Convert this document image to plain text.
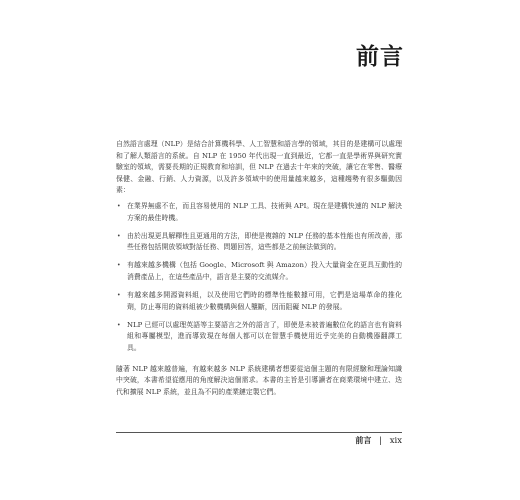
前言

自然語言處理（NLP）是結合計算機科學、人工智慧和語言學的領域，其目的是建構可以處理和了解人類語言的系統。自 NLP 在 1950 年代出現一直到最近，它都一直是學術界與研究實驗室的領域，需要長期的正規教育和培訓，但 NLP 在過去十年來的突破，讓它在零售、醫療保健、金融、行銷、人力資源，以及許多領域中的使用量越來越多，這種趨勢有很多驅動因素：

• 在業界無處不在，而且容易使用的 NLP 工具、技術與 API。現在是建構快速的 NLP 解決方案的最佳時機。
• 由於出現更具解釋性且更通用的方法，即使是複雜的 NLP 任務的基本性能也有所改善，那些任務包括開放領域對話任務、問題回答，這些都是之前無法做到的。
• 有越來越多機構（包括 Google、Microsoft 與 Amazon）投入大量資金在更具互動性的消費產品上，在這些產品中，語言是主要的交流媒介。
• 有越來越多開源資料組，以及使用它們時的標準性能數據可用，它們是這場革命的推化劑，防止專用的資料組被少數機構與個人壟斷，因而阻礙 NLP 的發展。
• NLP 已經可以處理英語等主要語言之外的語言了，即使是未被普遍數位化的語言也有資料組和專屬模型，進而導致現在每個人都可以在智慧手機使用近乎完美的自動機器翻譯工具。

隨著 NLP 越來越普遍，有越來越多 NLP 系統建構者想要從這個主題的有限經驗和理論知識中突破，本書希望從應用的角度解決這個需求。本書的主旨是引導讀者在商業環境中建立、迭代和擴展 NLP 系統，並且為不同的產業鏈定製它們。

前言 | xix
